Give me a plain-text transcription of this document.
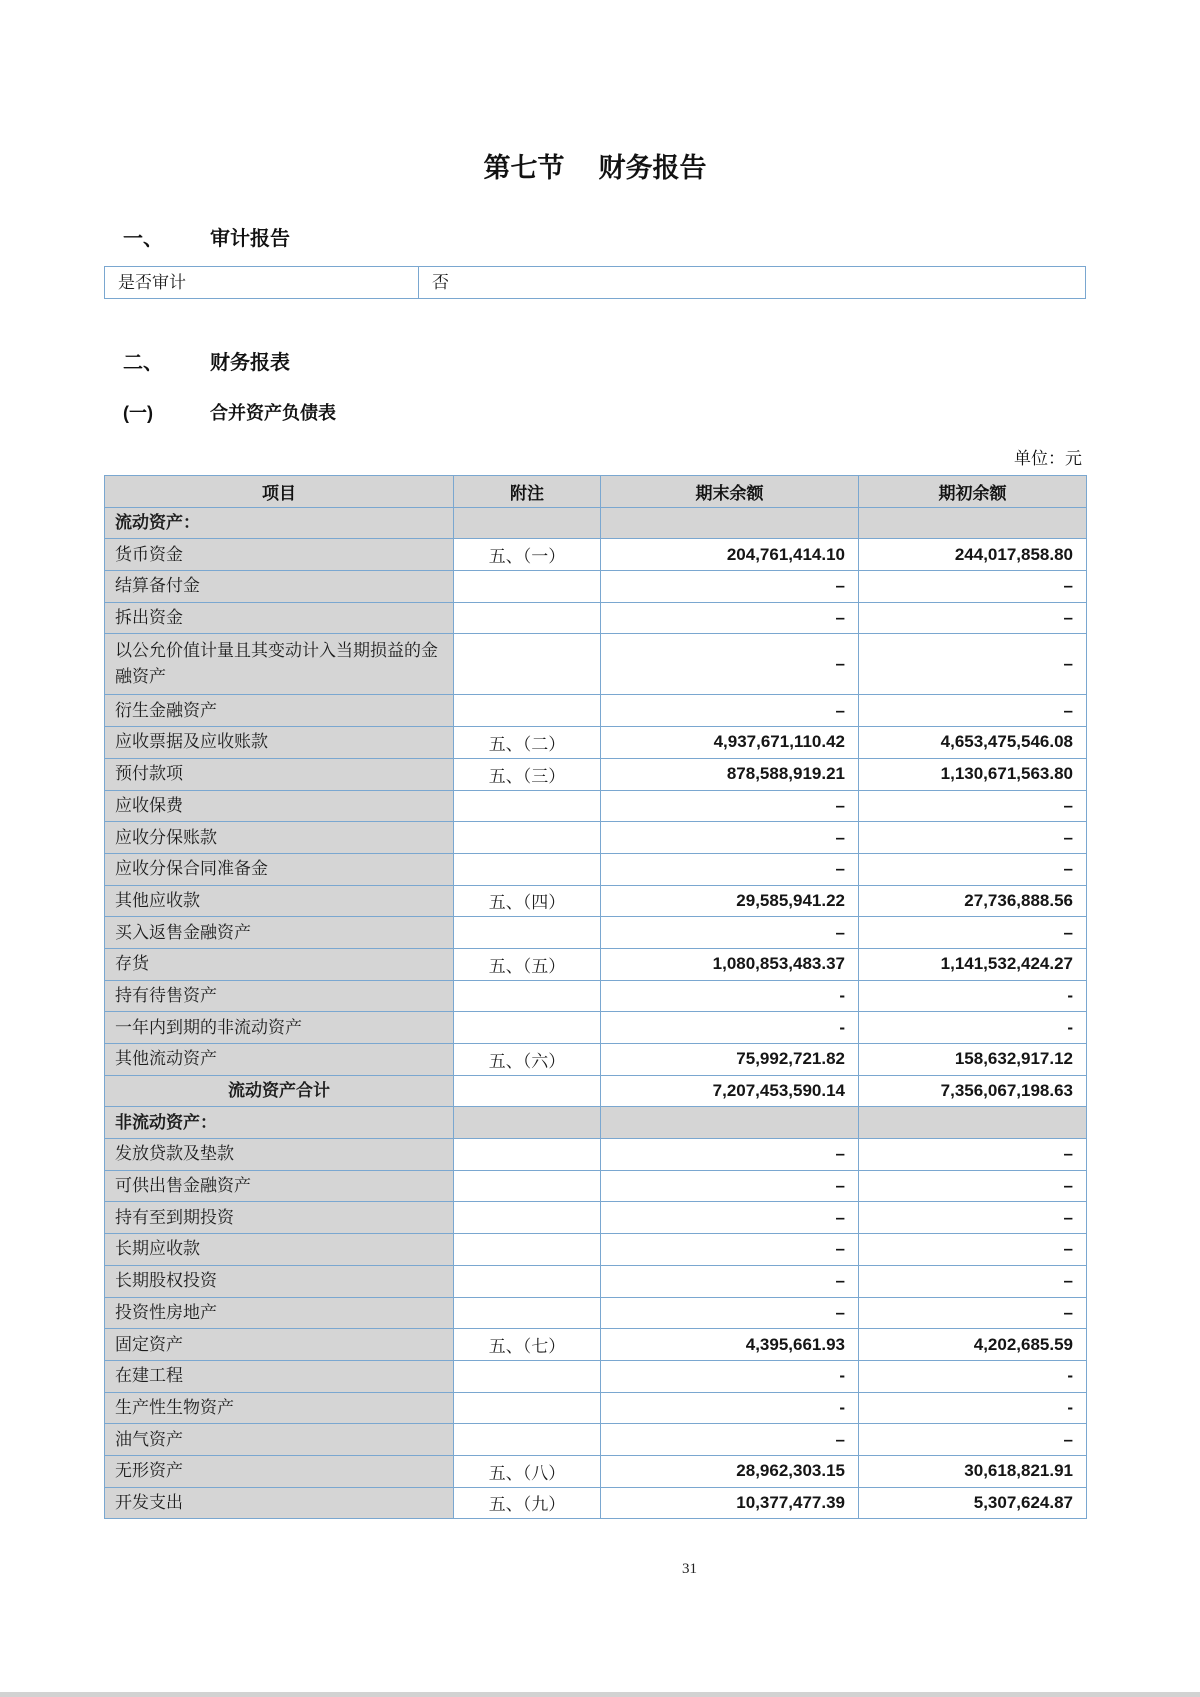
第七节 财务报告
一、 审计报告
是否审计	否
二、 财务报表
(一)	合并资产负债表
单位：元
项目	附注	期末余额	期初余额
流动资产：			
货币资金	五、（一）	204,761,414.10	244,017,858.80
结算备付金		–	–
拆出资金		–	–
以公允价值计量且其变动计入当期损益的金融资产		–	–
衍生金融资产		–	–
应收票据及应收账款	五、（二）	4,937,671,110.42	4,653,475,546.08
预付款项	五、（三）	878,588,919.21	1,130,671,563.80
应收保费		–	–
应收分保账款		–	–
应收分保合同准备金		–	–
其他应收款	五、（四）	29,585,941.22	27,736,888.56
买入返售金融资产		–	–
存货	五、（五）	1,080,853,483.37	1,141,532,424.27
持有待售资产		-	-
一年内到期的非流动资产		-	-
其他流动资产	五、（六）	75,992,721.82	158,632,917.12
流动资产合计		7,207,453,590.14	7,356,067,198.63
非流动资产：			
发放贷款及垫款		–	–
可供出售金融资产		–	–
持有至到期投资		–	–
长期应收款		–	–
长期股权投资		–	–
投资性房地产		–	–
固定资产	五、（七）	4,395,661.93	4,202,685.59
在建工程		-	-
生产性生物资产		-	-
油气资产		–	–
无形资产	五、（八）	28,962,303.15	30,618,821.91
开发支出	五、（九）	10,377,477.39	5,307,624.87
31
